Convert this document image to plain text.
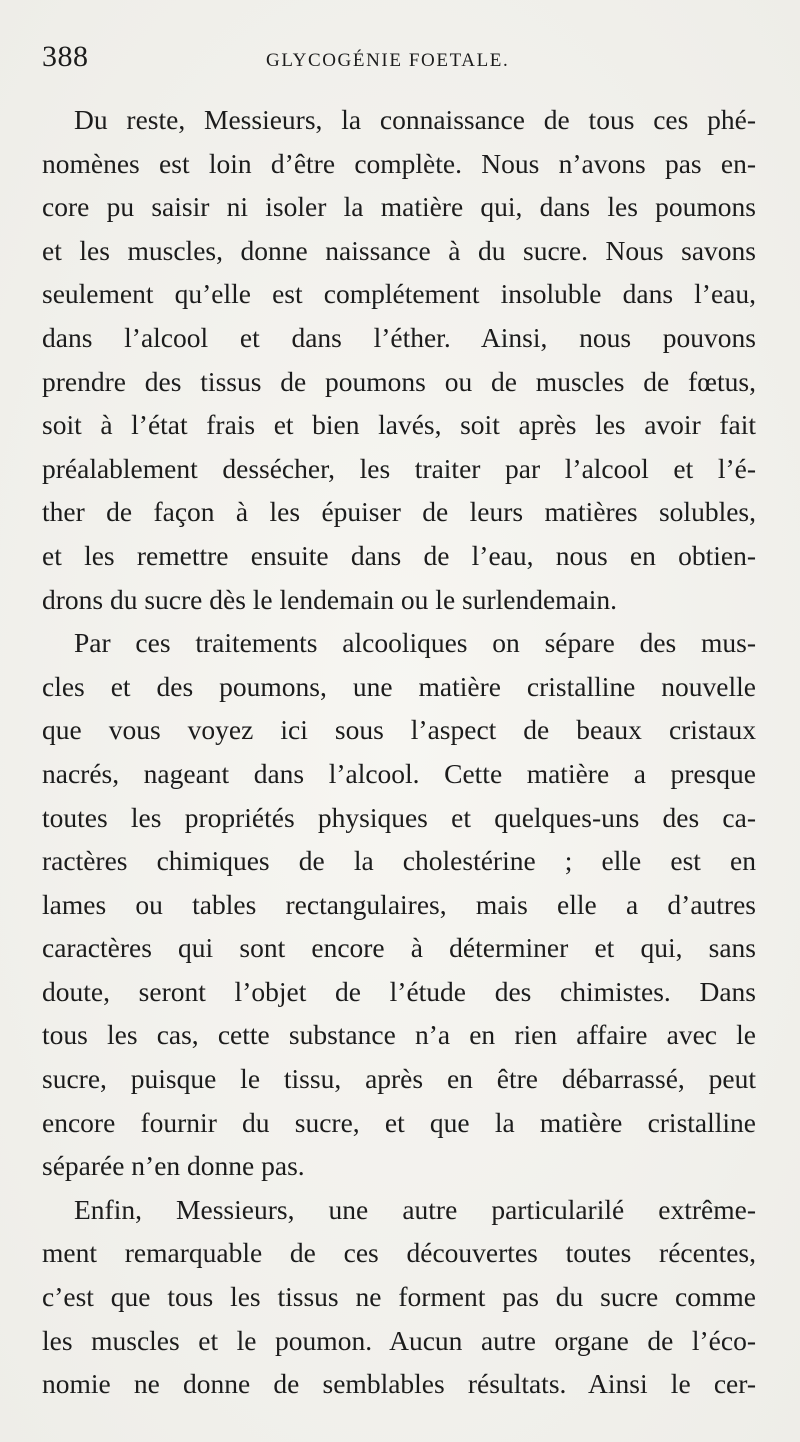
388	GLYCOGÉNIE FOETALE.
Du reste, Messieurs, la connaissance de tous ces phé-
nomènes est loin d’être complète. Nous n’avons pas en-
core pu saisir ni isoler la matière qui, dans les poumons
et les muscles, donne naissance à du sucre. Nous savons
seulement qu’elle est complétement insoluble dans l’eau,
dans l’alcool et dans l’éther. Ainsi, nous pouvons
prendre des tissus de poumons ou de muscles de fœtus,
soit à l’état frais et bien lavés, soit après les avoir fait
préalablement dessécher, les traiter par l’alcool et l’é-
ther de façon à les épuiser de leurs matières solubles,
et les remettre ensuite dans de l’eau, nous en obtien-
drons du sucre dès le lendemain ou le surlendemain.
Par ces traitements alcooliques on sépare des mus-
cles et des poumons, une matière cristalline nouvelle
que vous voyez ici sous l’aspect de beaux cristaux
nacrés, nageant dans l’alcool. Cette matière a presque
toutes les propriétés physiques et quelques-uns des ca-
ractères chimiques de la cholestérine ; elle est en
lames ou tables rectangulaires, mais elle a d’autres
caractères qui sont encore à déterminer et qui, sans
doute, seront l’objet de l’étude des chimistes. Dans
tous les cas, cette substance n’a en rien affaire avec le
sucre, puisque le tissu, après en être débarrassé, peut
encore fournir du sucre, et que la matière cristalline
séparée n’en donne pas.
Enfin, Messieurs, une autre particularilé extrême-
ment remarquable de ces découvertes toutes récentes,
c’est que tous les tissus ne forment pas du sucre comme
les muscles et le poumon. Aucun autre organe de l’éco-
nomie ne donne de semblables résultats. Ainsi le cer-
